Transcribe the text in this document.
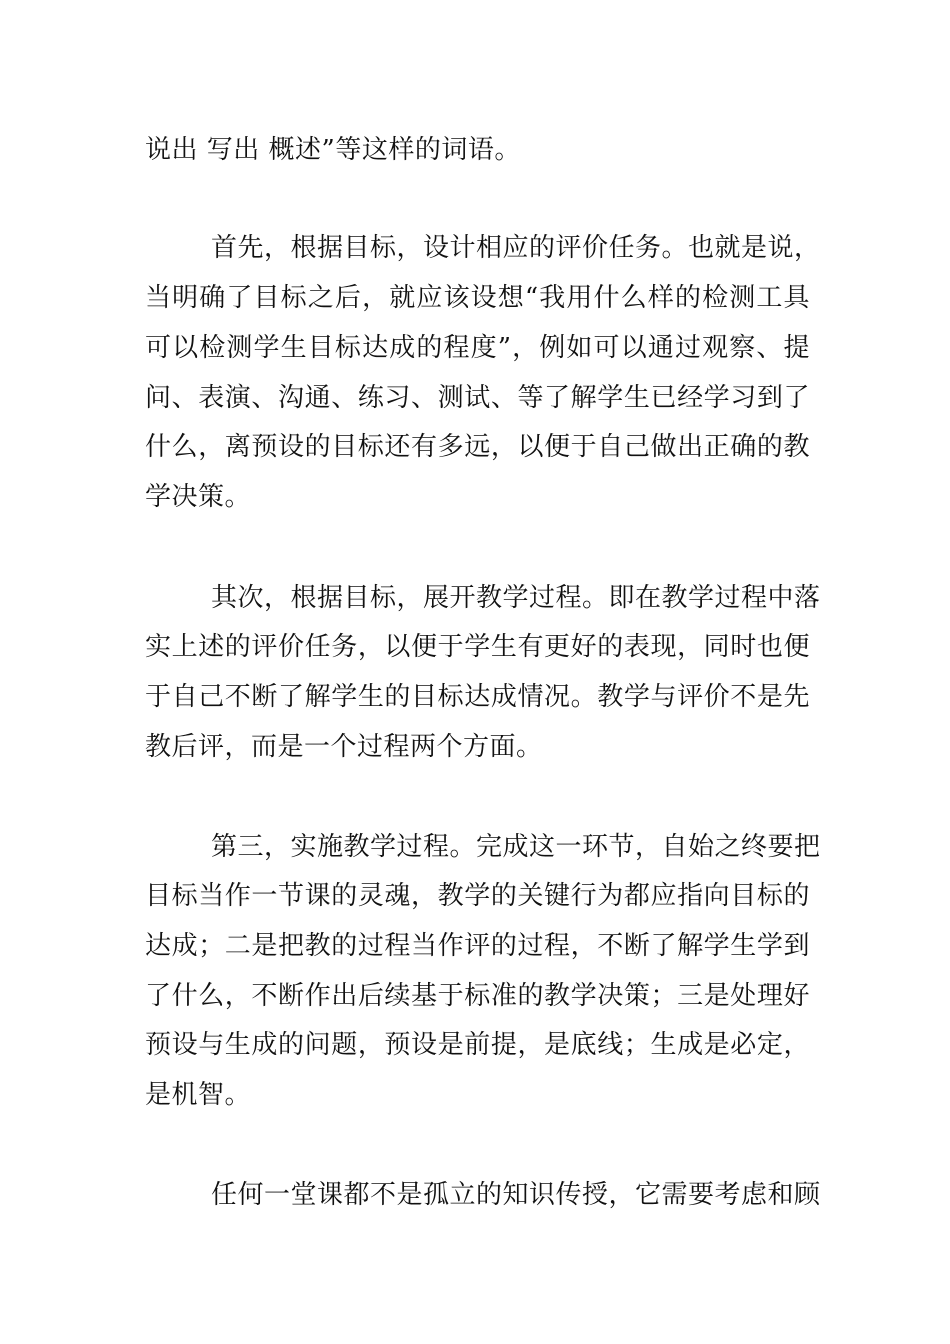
说出 写出 概述”等这样的词语。
首先，根据目标，设计相应的评价任务。也就是说，
当明确了目标之后，就应该设想“我用什么样的检测工具
可以检测学生目标达成的程度”，例如可以通过观察、提
问、表演、沟通、练习、测试、等了解学生已经学习到了
什么，离预设的目标还有多远，以便于自己做出正确的教
学决策。
其次，根据目标，展开教学过程。即在教学过程中落
实上述的评价任务，以便于学生有更好的表现，同时也便
于自己不断了解学生的目标达成情况。教学与评价不是先
教后评，而是一个过程两个方面。
第三，实施教学过程。完成这一环节，自始之终要把
目标当作一节课的灵魂，教学的关键行为都应指向目标的
达成；二是把教的过程当作评的过程，不断了解学生学到
了什么，不断作出后续基于标准的教学决策；三是处理好
预设与生成的问题，预设是前提，是底线；生成是必定，
是机智。
任何一堂课都不是孤立的知识传授，它需要考虑和顾
